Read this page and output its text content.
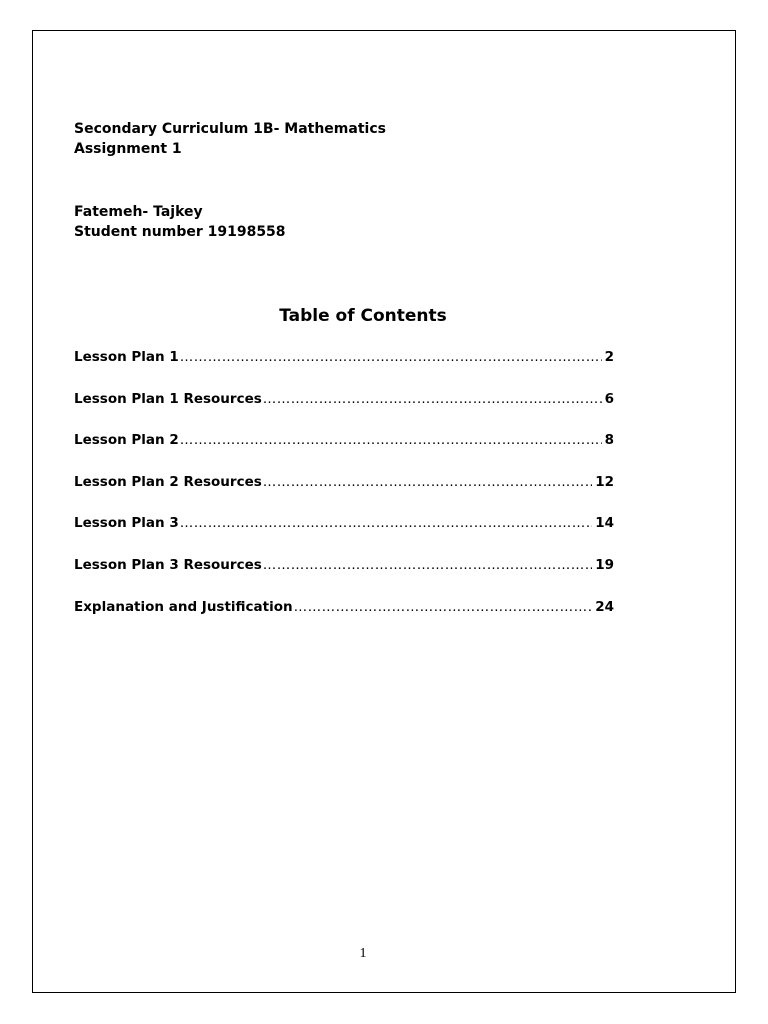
Secondary Curriculum 1B- Mathematics
Assignment 1
Fatemeh- Tajkey
Student number 19198558
Table of Contents
Lesson Plan 1 ……………………………………………………………………………………………………………………………………………………………………	2
Lesson Plan 1 Resources ……………………………………………………………………………………………………………………………………………………………………	6
Lesson Plan 2 ……………………………………………………………………………………………………………………………………………………………………	8
Lesson Plan 2 Resources ……………………………………………………………………………………………………………………………………………………………………	12
Lesson Plan 3 ……………………………………………………………………………………………………………………………………………………………………	14
Lesson Plan 3 Resources ……………………………………………………………………………………………………………………………………………………………………	19
Explanation and Justification ……………………………………………………………………………………………………………………………………………………………………	24
1
